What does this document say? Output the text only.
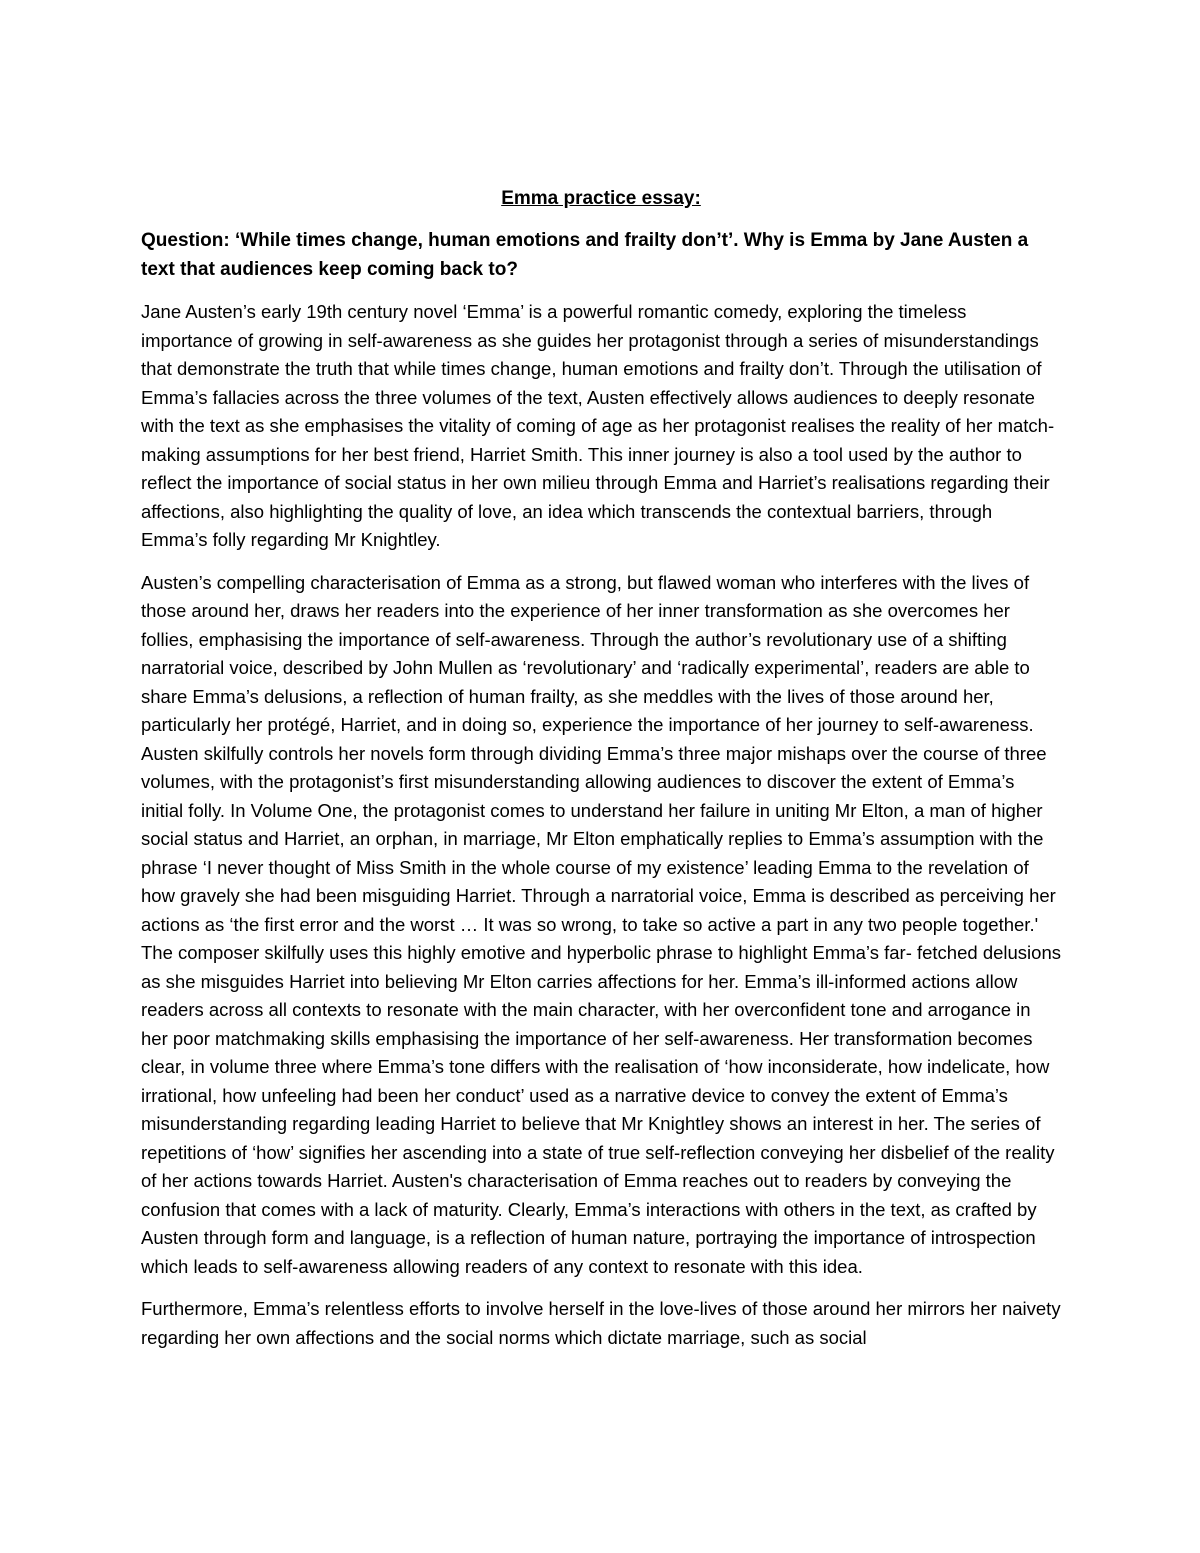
Emma practice essay:
Question: ‘While times change, human emotions and frailty don’t’. Why is Emma by Jane Austen a text that audiences keep coming back to?

Jane Austen’s early 19th century novel ‘Emma’ is a powerful romantic comedy, exploring the timeless importance of growing in self-awareness as she guides her protagonist through a series of misunderstandings that demonstrate the truth that while times change, human emotions and frailty don’t. Through the utilisation of Emma’s fallacies across the three volumes of the text, Austen effectively allows audiences to deeply resonate with the text as she emphasises the vitality of coming of age as her protagonist realises the reality of her match-making assumptions for her best friend, Harriet Smith. This inner journey is also a tool used by the author to reflect the importance of social status in her own milieu through Emma and Harriet’s realisations regarding their affections, also highlighting the quality of love, an idea which transcends the contextual barriers, through Emma’s folly regarding Mr Knightley.

Austen’s compelling characterisation of Emma as a strong, but flawed woman who interferes with the lives of those around her, draws her readers into the experience of her inner transformation as she overcomes her follies, emphasising the importance of self-awareness. Through the author’s revolutionary use of a shifting narratorial voice, described by John Mullen as ‘revolutionary’ and ‘radically experimental’, readers are able to share Emma’s delusions, a reflection of human frailty, as she meddles with the lives of those around her, particularly her protégé, Harriet, and in doing so, experience the importance of her journey to self-awareness. Austen skilfully controls her novels form through dividing Emma’s three major mishaps over the course of three volumes, with the protagonist’s first misunderstanding allowing audiences to discover the extent of Emma’s initial folly. In Volume One, the protagonist comes to understand her failure in uniting Mr Elton, a man of higher social status and Harriet, an orphan, in marriage, Mr Elton emphatically replies to Emma’s assumption with the phrase ‘I never thought of Miss Smith in the whole course of my existence’ leading Emma to the revelation of how gravely she had been misguiding Harriet. Through a narratorial voice, Emma is described as perceiving her actions as ‘the first error and the worst … It was so wrong, to take so active a part in any two people together.' The composer skilfully uses this highly emotive and hyperbolic phrase to highlight Emma’s far- fetched delusions as she misguides Harriet into believing Mr Elton carries affections for her. Emma’s ill-informed actions allow readers across all contexts to resonate with the main character, with her overconfident tone and arrogance in her poor matchmaking skills emphasising the importance of her self-awareness. Her transformation becomes clear, in volume three where Emma’s tone differs with the realisation of ‘how inconsiderate, how indelicate, how irrational, how unfeeling had been her conduct’ used as a narrative device to convey the extent of Emma’s misunderstanding regarding leading Harriet to believe that Mr Knightley shows an interest in her. The series of repetitions of ‘how’ signifies her ascending into a state of true self-reflection conveying her disbelief of the reality of her actions towards Harriet. Austen's characterisation of Emma reaches out to readers by conveying the confusion that comes with a lack of maturity. Clearly, Emma’s interactions with others in the text, as crafted by Austen through form and language, is a reflection of human nature, portraying the importance of introspection which leads to self-awareness allowing readers of any context to resonate with this idea.

Furthermore, Emma’s relentless efforts to involve herself in the love-lives of those around her mirrors her naivety regarding her own affections and the social norms which dictate marriage, such as social
